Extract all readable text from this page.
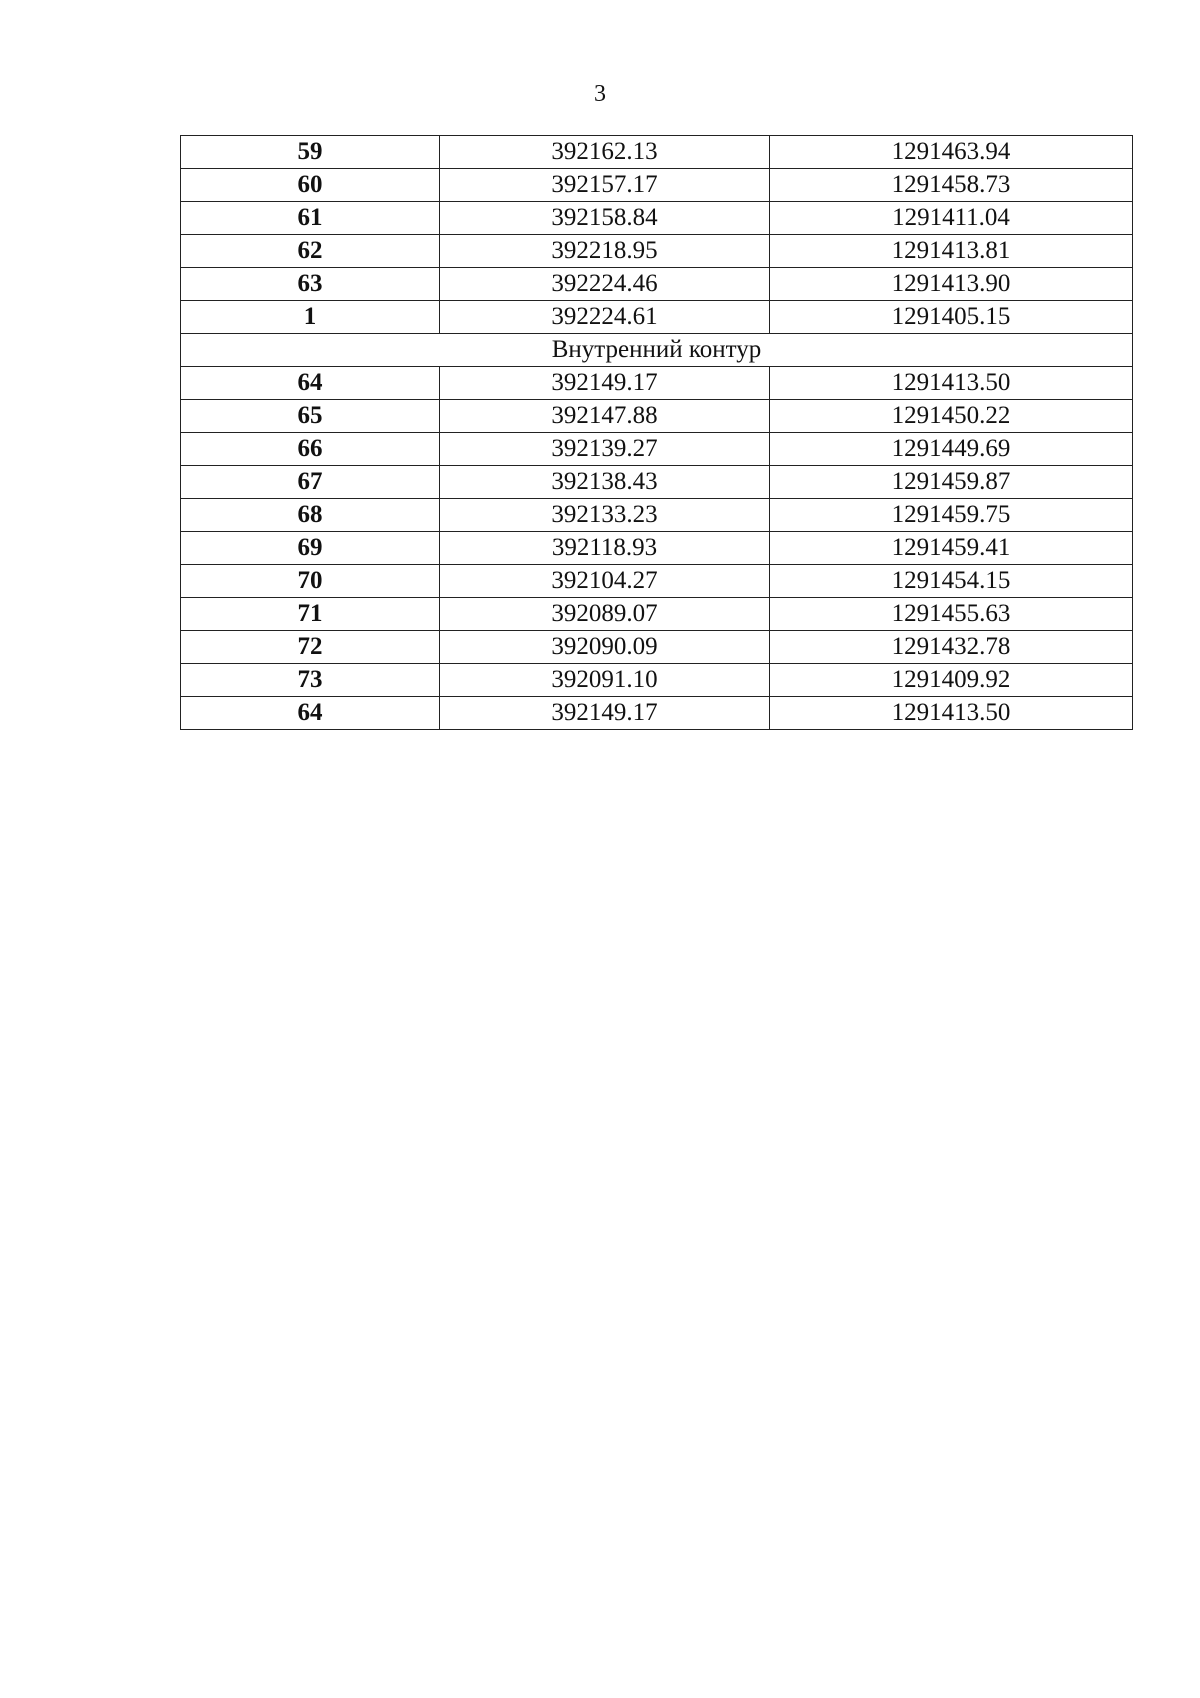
3
59	392162.13	1291463.94
60	392157.17	1291458.73
61	392158.84	1291411.04
62	392218.95	1291413.81
63	392224.46	1291413.90
1	392224.61	1291405.15
Внутренний контур		
64	392149.17	1291413.50
65	392147.88	1291450.22
66	392139.27	1291449.69
67	392138.43	1291459.87
68	392133.23	1291459.75
69	392118.93	1291459.41
70	392104.27	1291454.15
71	392089.07	1291455.63
72	392090.09	1291432.78
73	392091.10	1291409.92
64	392149.17	1291413.50
